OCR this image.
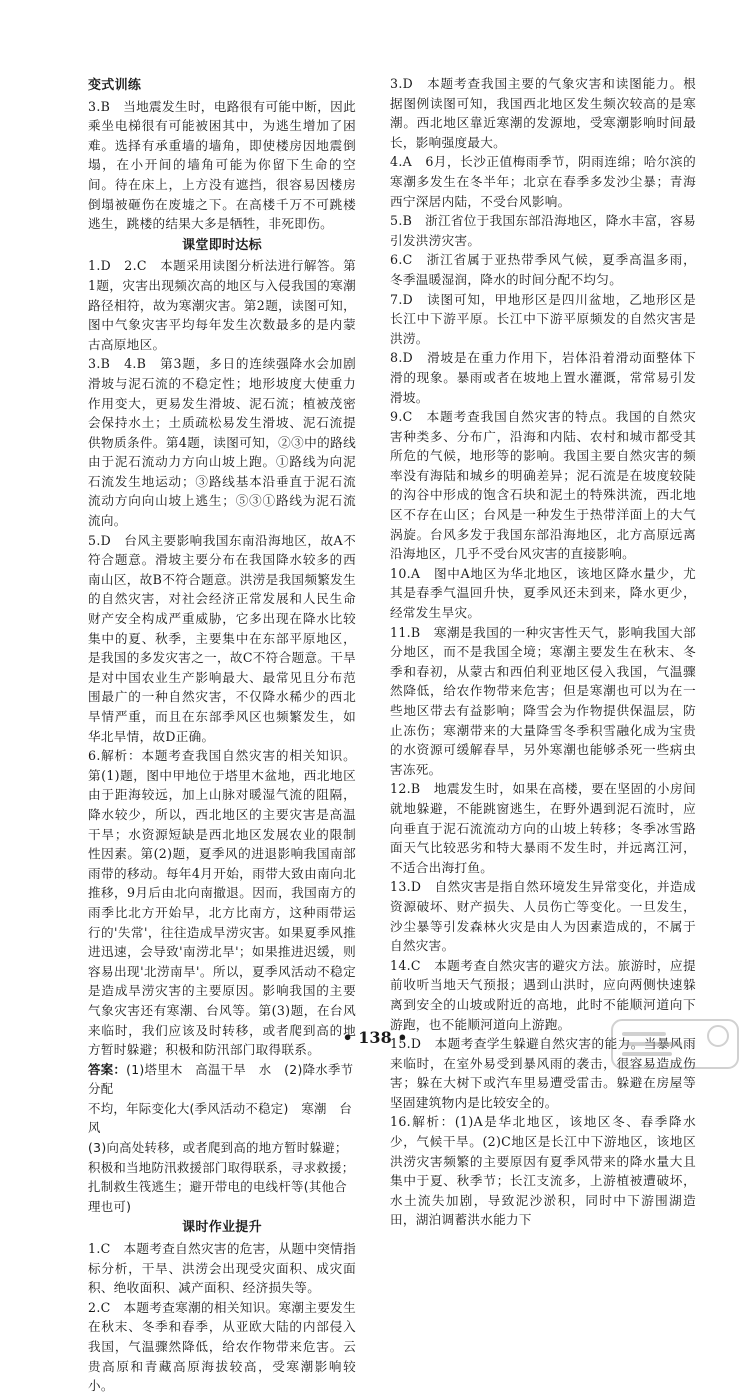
变式训练

3.B　当地震发生时，电路很有可能中断，因此乘坐电梯很有可能被困其中，为逃生增加了困难。选择有承重墙的墙角，即使楼房因地震倒塌，在小开间的墙角可能为你留下生命的空间。待在床上，上方没有遮挡，很容易因楼房倒塌被砸伤在废墟之下。在高楼千万不可跳楼逃生，跳楼的结果大多是牺牲，非死即伤。

课堂即时达标

1.D　2.C　本题采用读图分析法进行解答。第1题，灾害出现频次高的地区与入侵我国的寒潮路径相符，故为寒潮灾害。第2题，读图可知，图中气象灾害平均每年发生次数最多的是内蒙古高原地区。

3.B　4.B　第3题，多日的连续强降水会加剧滑坡与泥石流的不稳定性；地形坡度大使重力作用变大，更易发生滑坡、泥石流；植被茂密会保持水土；土质疏松易发生滑坡、泥石流提供物质条件。第4题，读图可知，②③中的路线由于泥石流动力方向山坡上跑。①路线为向泥石流发生地运动；③路线基本沿垂直于泥石流流动方向向山坡上逃生；⑤③①路线为泥石流流向。

5.D　台风主要影响我国东南沿海地区，故A不符合题意。滑坡主要分布在我国降水较多的西南山区，故B不符合题意。洪涝是我国频繁发生的自然灾害，对社会经济正常发展和人民生命财产安全构成严重威胁，它多出现在降水比较集中的夏、秋季，主要集中在东部平原地区，是我国的多发灾害之一，故C不符合题意。干旱是对中国农业生产影响最大、最常见且分布范围最广的一种自然灾害，不仅降水稀少的西北旱情严重，而且在东部季风区也频繁发生，如华北旱情，故D正确。

6.解析：本题考查我国自然灾害的相关知识。第(1)题，图中甲地位于塔里木盆地，西北地区由于距海较远，加上山脉对暖湿气流的阻隔，降水较少，所以，西北地区的主要灾害是高温干旱；水资源短缺是西北地区发展农业的限制性因素。第(2)题，夏季风的进退影响我国南部雨带的移动。每年4月开始，雨带大致由南向北推移，9月后由北向南撤退。因而，我国南方的雨季比北方开始早，北方比南方，这种雨带运行的'失常'，往往造成旱涝灾害。如果夏季风推进迅速，会导致'南涝北旱'；如果推进迟缓，则容易出现'北涝南旱'。所以，夏季风活动不稳定是造成旱涝灾害的主要原因。影响我国的主要气象灾害还有寒潮、台风等。第(3)题，在台风来临时，我们应该及时转移，或者爬到高的地方暂时躲避；积极和防汛部门取得联系。

答案：(1)塔里木　高温干旱　水　(2)降水季节分配
不均，年际变化大(季风活动不稳定)　寒潮　台风
(3)向高处转移，或者爬到高的地方暂时躲避；积极和当地防汛救援部门取得联系，寻求救援；扎制救生筏逃生；避开带电的电线杆等(其他合理也可)

课时作业提升

1.C　本题考查自然灾害的危害，从题中突情指标分析，干旱、洪涝会出现受灾面积、成灾面积、绝收面积、减产面积、经济损失等。

2.C　本题考查寒潮的相关知识。寒潮主要发生在秋末、冬季和春季，从亚欧大陆的内部侵入我国，气温骤然降低，给农作物带来危害。云贵高原和青藏高原海拔较高，受寒潮影响较小。

3.D　本题考查我国主要的气象灾害和读图能力。根据图例读图可知，我国西北地区发生频次较高的是寒潮。西北地区靠近寒潮的发源地，受寒潮影响时间最长，影响强度最大。

4.A　6月，长沙正值梅雨季节，阴雨连绵；哈尔滨的寒潮多发生在冬半年；北京在春季多发沙尘暴；青海西宁深居内陆，不受台风影响。

5.B　浙江省位于我国东部沿海地区，降水丰富，容易引发洪涝灾害。

6.C　浙江省属于亚热带季风气候，夏季高温多雨，冬季温暖湿润，降水的时间分配不均匀。

7.D　读图可知，甲地形区是四川盆地，乙地形区是长江中下游平原。长江中下游平原频发的自然灾害是洪涝。

8.D　滑坡是在重力作用下，岩体沿着滑动面整体下滑的现象。暴雨或者在坡地上置水灌溉，常常易引发滑坡。

9.C　本题考查我国自然灾害的特点。我国的自然灾害种类多、分布广，沿海和内陆、农村和城市都受其所危的气候，地形等的影响。我国主要自然灾害的频率没有海陆和城乡的明确差异；泥石流是在坡度较陡的沟谷中形成的饱含石块和泥土的特殊洪流，西北地区不存在山区；台风是一种发生于热带洋面上的大气涡旋。台风多发于我国东部沿海地区，北方高原远离沿海地区，几乎不受台风灾害的直接影响。

10.A　图中A地区为华北地区，该地区降水量少，尤其是春季气温回升快，夏季风还未到来，降水更少，经常发生旱灾。

11.B　寒潮是我国的一种灾害性天气，影响我国大部分地区，而不是我国全境；寒潮主要发生在秋末、冬季和春初，从蒙古和西伯利亚地区侵入我国，气温骤然降低，给农作物带来危害；但是寒潮也可以为在一些地区带去有益影响；降雪会为作物提供保温层，防止冻伤；寒潮带来的大量降雪冬季积雪融化成为宝贵的水资源可缓解春旱，另外寒潮也能够杀死一些病虫害冻死。

12.B　地震发生时，如果在高楼，要在坚固的小房间就地躲避，不能跳窗逃生，在野外遇到泥石流时，应向垂直于泥石流流动方向的山坡上转移；冬季冰雪路面天气比较恶劣和特大暴雨不发生时，并远离江河，不适合出海打鱼。

13.D　自然灾害是指自然环境发生异常变化，并造成资源破坏、财产损失、人员伤亡等变化。一旦发生，沙尘暴等引发森林火灾是由人为因素造成的，不属于自然灾害。

14.C　本题考查自然灾害的避灾方法。旅游时，应提前收听当地天气预报；遇到山洪时，应向两侧快速躲离到安全的山坡或附近的高地，此时不能顺河道向下游跑，也不能顺河道向上游跑。

15.D　本题考查学生躲避自然灾害的能力。当暴风雨来临时，在室外易受到暴风雨的袭击，很容易造成伤害；躲在大树下或汽车里易遭受雷击。躲避在房屋等坚固建筑物内是比较安全的。

16.解析：(1)A是华北地区，该地区冬、春季降水少，气候干旱。(2)C地区是长江中下游地区，该地区洪涝灾害频繁的主要原因有夏季风带来的降水量大且集中于夏、秋季节；长江支流多，上游植被遭破坏，水土流失加剧，导致泥沙淤积，同时中下游围湖造田，湖泊调蓄洪水能力下

• 138 •
